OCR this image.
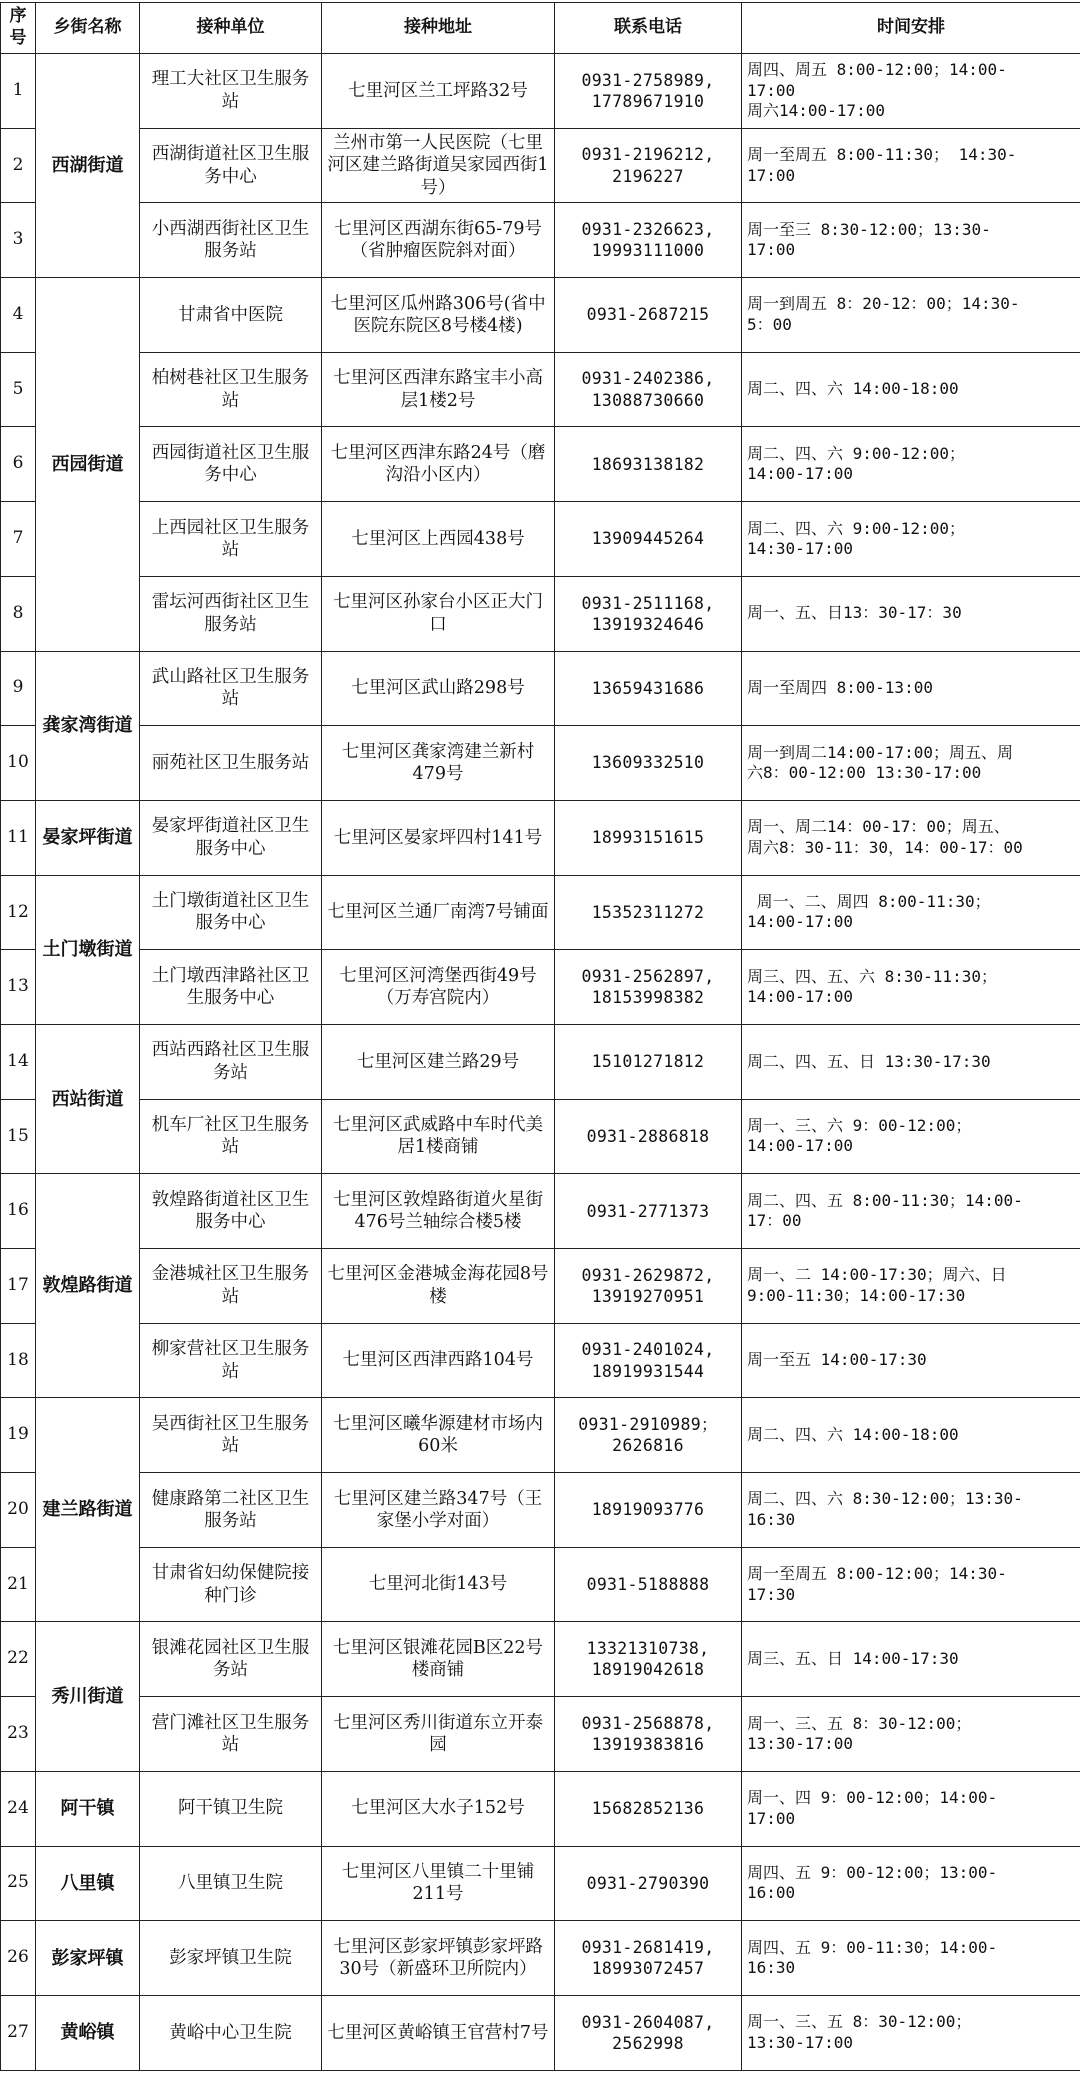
序号	乡街名称	接种单位	接种地址	联系电话	时间安排
1	西湖街道	理工大社区卫生服务站	七里河区兰工坪路32号	0931-2758989,
17789671910	周四、周五 8:00-12:00；14:00-
17:00
周六14:00-17:00

2		西湖街道社区卫生服务中心	兰州市第一人民医院（七里河区建兰路街道吴家园西街1号）	0931-2196212,
2196227	周一至周五 8:00-11:30； 14:30-
17:00

3		小西湖西街社区卫生服务站	七里河区西湖东街65-79号（省肿瘤医院斜对面）	0931-2326623,
19993111000	周一至三 8:30-12:00；13:30-
17:00

4	西园街道	甘肃省中医院	七里河区瓜州路306号(省中医院东院区8号楼4楼)	0931-2687215	周一到周五 8：20-12：00；14:30-
5：00

5		柏树巷社区卫生服务站	七里河区西津东路宝丰小高层1楼2号	0931-2402386,
13088730660	周二、四、六 14:00-18:00

6		西园街道社区卫生服务中心	七里河区西津东路24号（磨沟沿小区内）	18693138182	周二、四、六 9:00-12:00；
14:00-17:00

7		上西园社区卫生服务站	七里河区上西园438号	13909445264	周二、四、六 9:00-12:00；
14:30-17:00

8		雷坛河西街社区卫生服务站	七里河区孙家台小区正大门口	0931-2511168,
13919324646	周一、五、日13：30-17：30

9	龚家湾街道	武山路社区卫生服务站	七里河区武山路298号	13659431686	周一至周四 8:00-13:00

10		丽苑社区卫生服务站	七里河区龚家湾建兰新村479号	13609332510	周一到周二14:00-17:00；周五、周
六8：00-12:00 13:30-17:00

11	晏家坪街道	晏家坪街道社区卫生服务中心	七里河区晏家坪四村141号	18993151615	周一、周二14：00-17：00；周五、
周六8：30-11：30，14：00-17：00

12	土门墩街道	土门墩街道社区卫生服务中心	七里河区兰通厂南湾7号铺面	15352311272	周一、二、周四 8:00-11:30；
14:00-17:00

13		土门墩西津路社区卫生服务中心	七里河区河湾堡西街49号（万寿宫院内）	0931-2562897,
18153998382	周三、四、五、六 8:30-11:30；
14:00-17:00

14	西站街道	西站西路社区卫生服务站	七里河区建兰路29号	15101271812	周二、四、五、日 13:30-17:30

15		机车厂社区卫生服务站	七里河区武威路中车时代美居1楼商铺	0931-2886818	周一、三、六 9：00-12:00；
14:00-17:00

16	敦煌路街道	敦煌路街道社区卫生服务中心	七里河区敦煌路街道火星街476号兰轴综合楼5楼	0931-2771373	周二、四、五 8:00-11:30；14:00-
17：00

17		金港城社区卫生服务站	七里河区金港城金海花园8号楼	0931-2629872,
13919270951	周一、二 14:00-17:30；周六、日
9:00-11:30；14:00-17:30

18		柳家营社区卫生服务站	七里河区西津西路104号	0931-2401024,
18919931544	周一至五 14:00-17:30

19	建兰路街道	吴西街社区卫生服务站	七里河区曦华源建材市场内60米	0931-2910989；
2626816	周二、四、六 14:00-18:00

20		健康路第二社区卫生服务站	七里河区建兰路347号（王家堡小学对面）	18919093776	周二、四、六 8:30-12:00；13:30-
16:30

21		甘肃省妇幼保健院接种门诊	七里河北街143号	0931-5188888	周一至周五 8:00-12:00；14:30-
17:30

22	秀川街道	银滩花园社区卫生服务站	七里河区银滩花园B区22号楼商铺	13321310738,
18919042618	周三、五、日 14:00-17:30

23		营门滩社区卫生服务站	七里河区秀川街道东立开泰园	0931-2568878,
13919383816	周一、三、五 8：30-12:00；
13:30-17:00

24	阿干镇	阿干镇卫生院	七里河区大水子152号	15682852136	周一、四 9：00-12:00；14:00-
17:00

25	八里镇	八里镇卫生院	七里河区八里镇二十里铺211号	0931-2790390	周四、五 9：00-12:00；13:00-
16:00

26	彭家坪镇	彭家坪镇卫生院	七里河区彭家坪镇彭家坪路30号（新盛环卫所院内）	0931-2681419,
18993072457	周四、五 9：00-11:30；14:00-
16:30

27	黄峪镇	黄峪中心卫生院	七里河区黄峪镇王官营村7号	0931-2604087,
2562998	周一、三、五 8：30-12:00；
13:30-17:00
